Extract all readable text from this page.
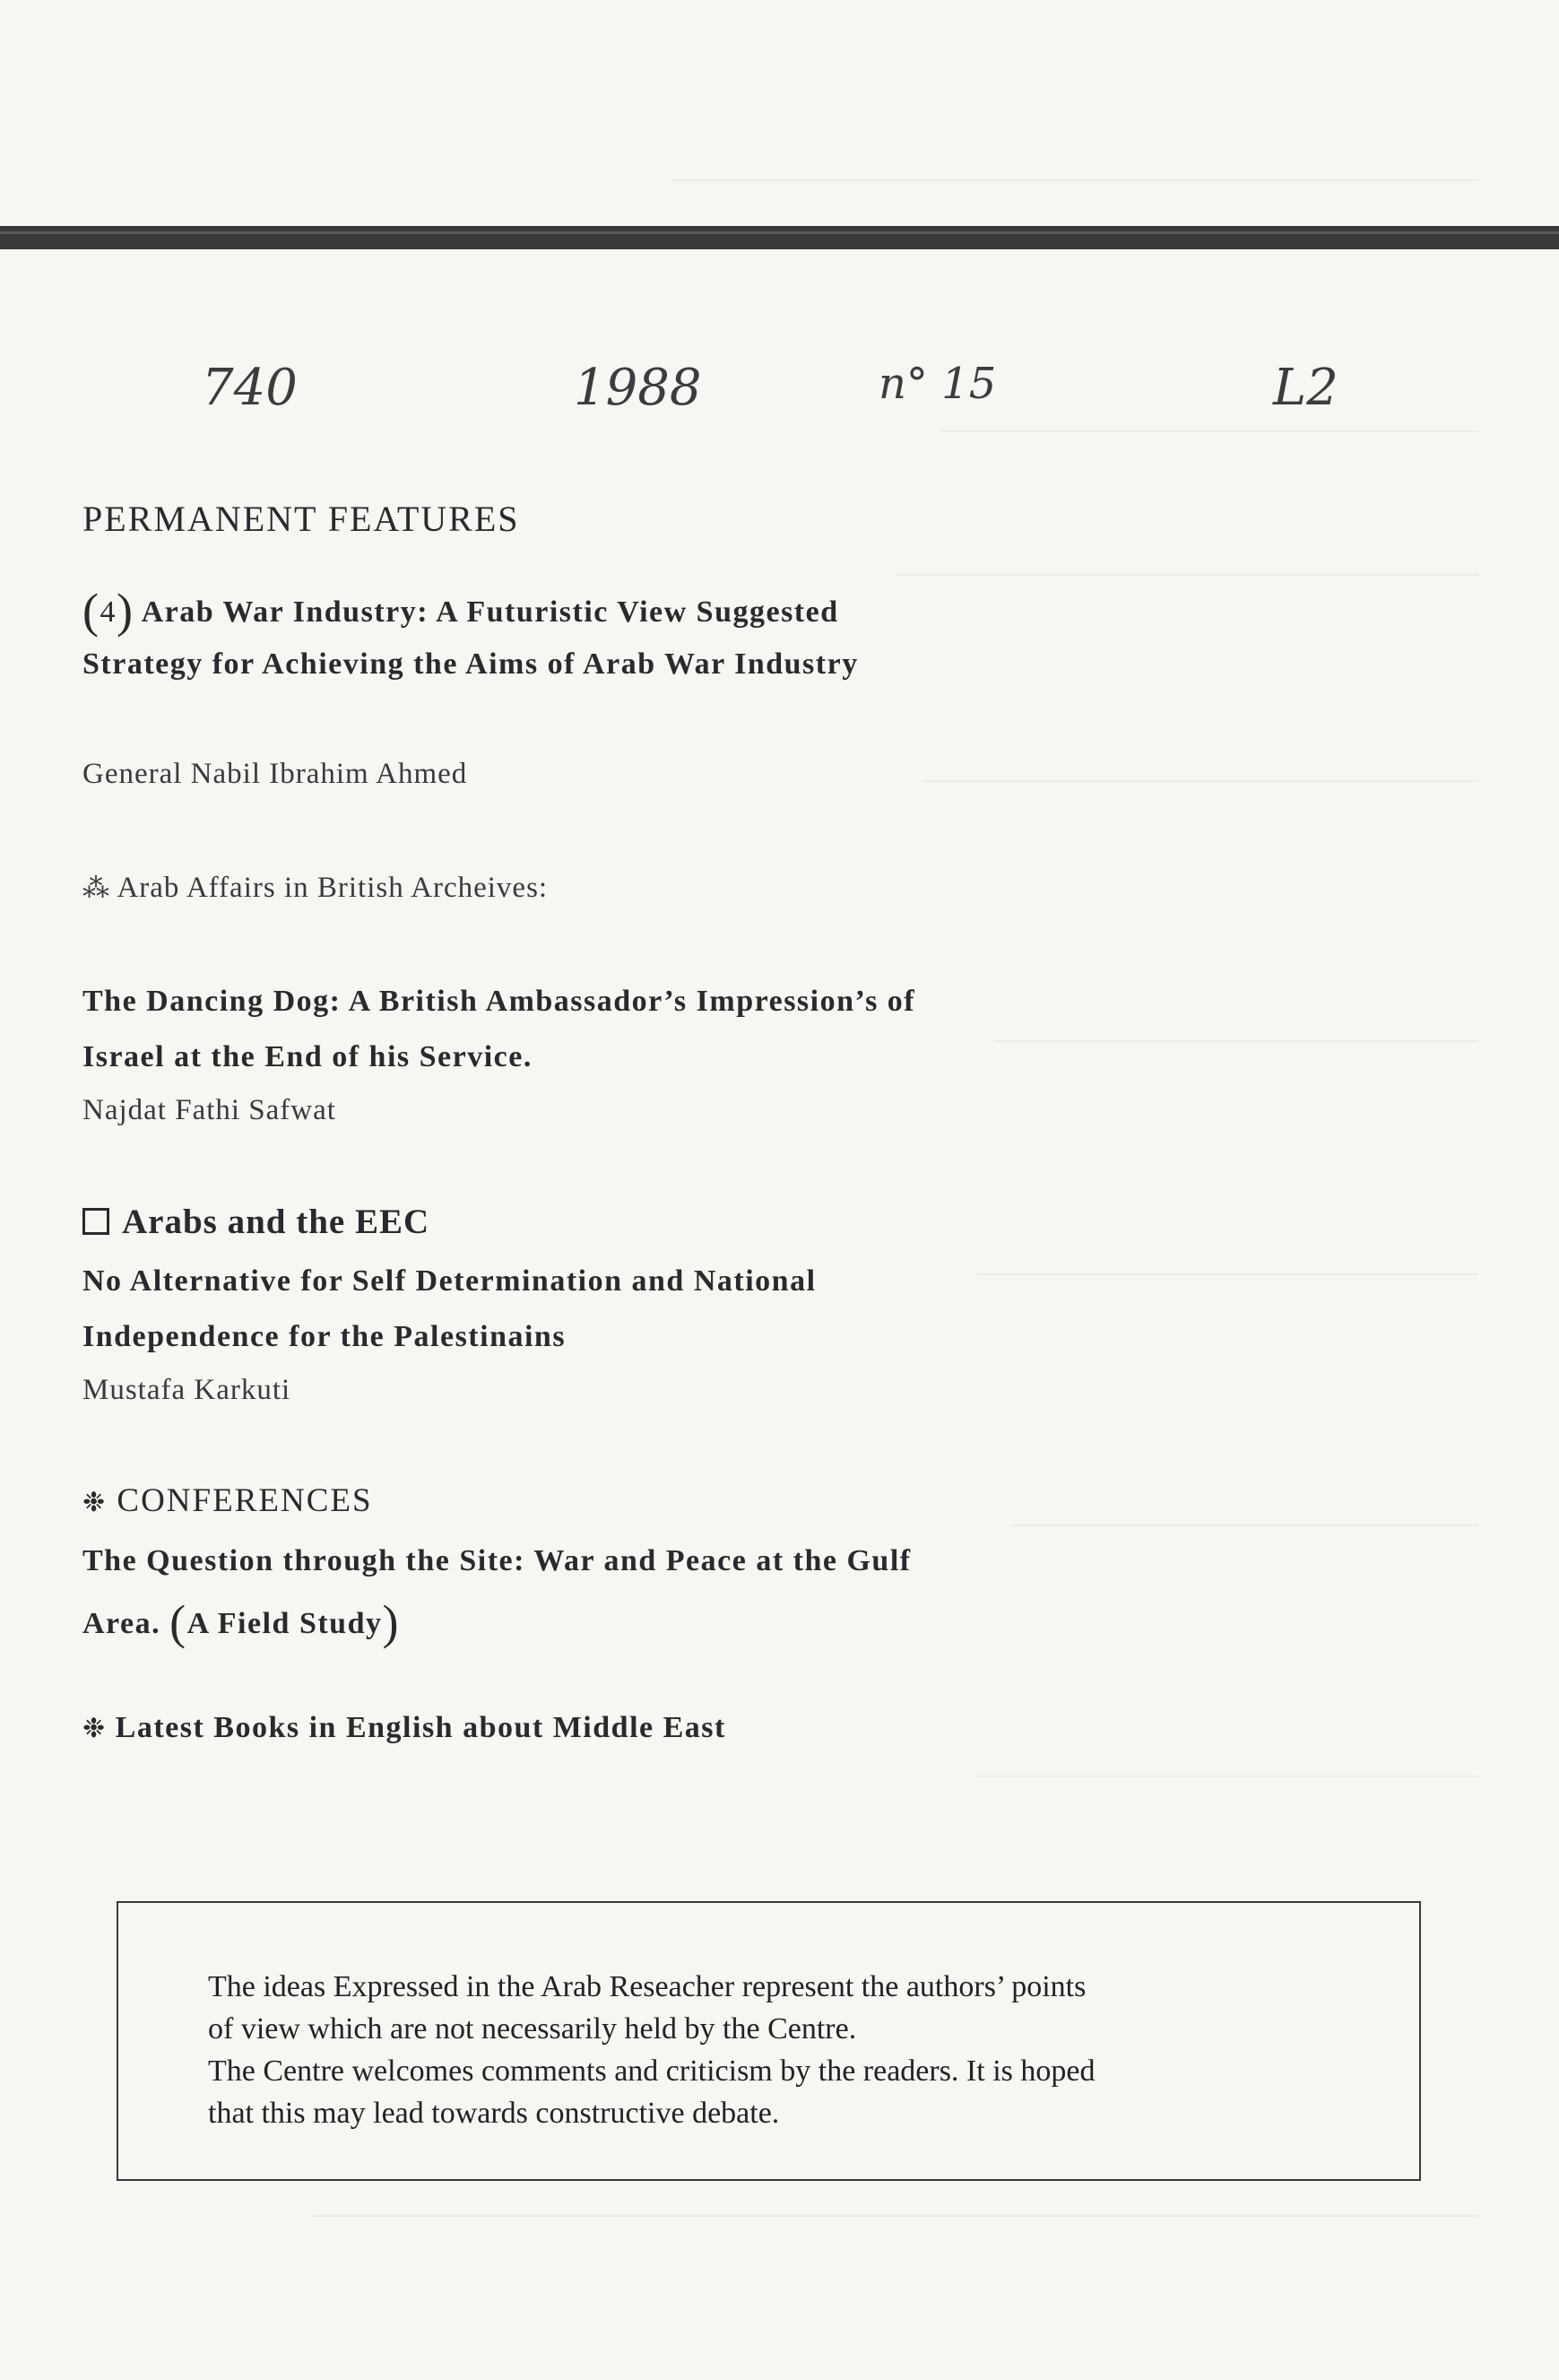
740	1988	n° 15	L2
PERMANENT FEATURES
(4) Arab War Industry: A Futuristic View Suggested
Strategy for Achieving the Aims of Arab War Industry
General Nabil Ibrahim Ahmed
⁂ Arab Affairs in British Archeives:
The Dancing Dog: A British Ambassador’s Impression’s of
Israel at the End of his Service.
Najdat Fathi Safwat
Arabs and the EEC
No Alternative for Self Determination and National
Independence for the Palestinains
Mustafa Karkuti
❉ CONFERENCES
The Question through the Site: War and Peace at the Gulf
Area. (A Field Study)
❉ Latest Books in English about Middle East

The ideas Expressed in the Arab Reseacher represent the authors’ points

of view which are not necessarily held by the Centre.

The Centre welcomes comments and criticism by the readers. It is hoped

that this may lead towards constructive debate.
